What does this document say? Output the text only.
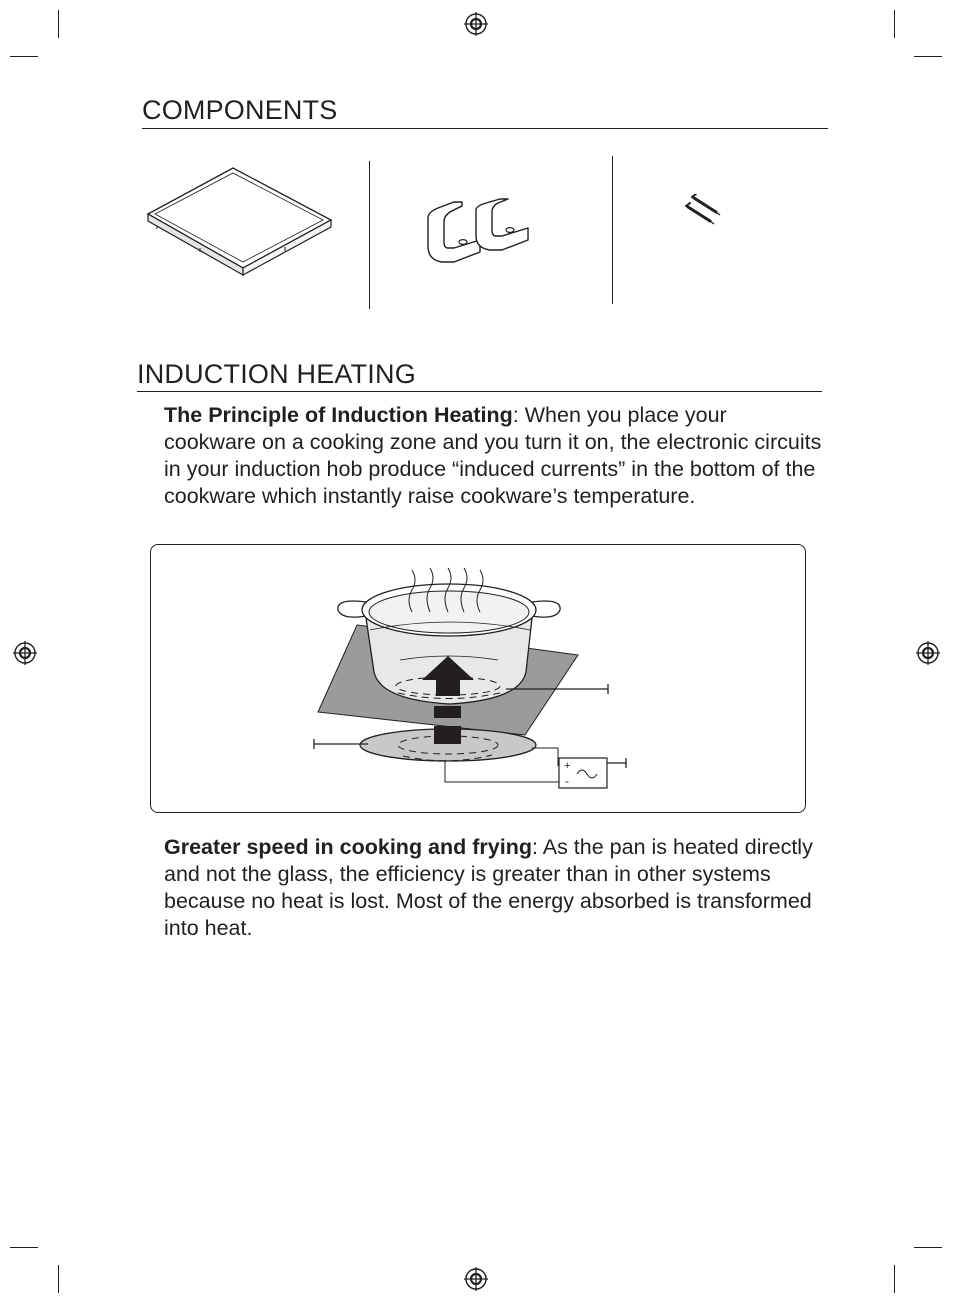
COMPONENTS
INDUCTION HEATING

The Principle of Induction Heating: When you place your cookware on a cooking zone and you turn it on, the electronic circuits in your induction hob produce “induced currents” in the bottom of the cookware which instantly raise cookware’s temperature.

+
-

Greater speed in cooking and frying: As the pan is heated directly and not the glass, the efficiency is greater than in other systems because no heat is lost. Most of the energy absorbed is transformed into heat.
